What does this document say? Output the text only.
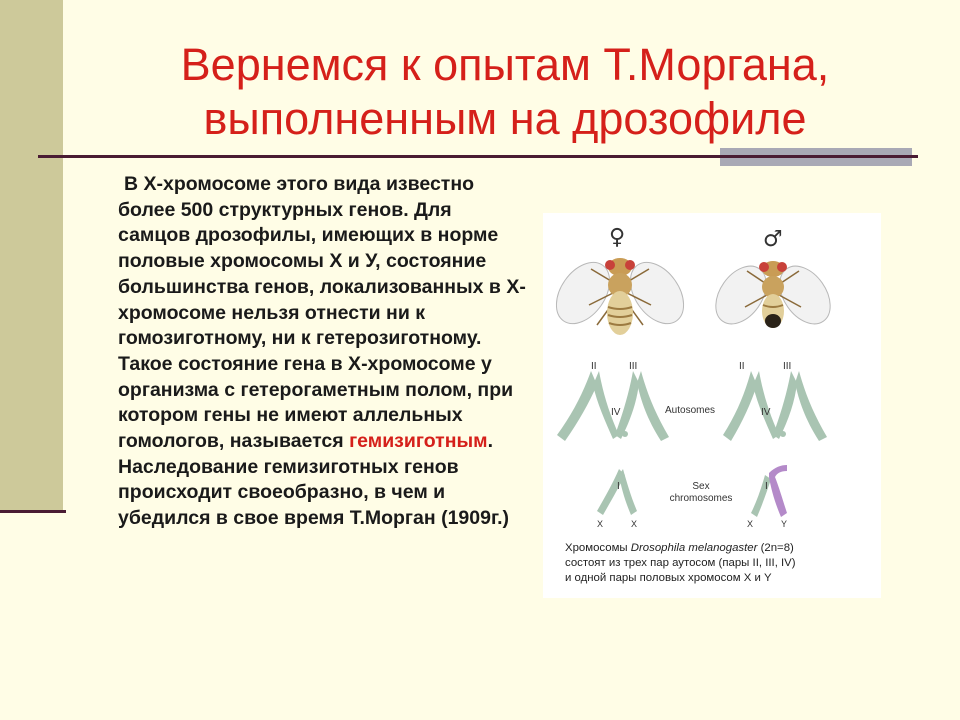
Вернемся к опытам Т.Моргана,
выполненным на дрозофиле
В Х-хромосоме этого вида известно более 500 структурных генов. Для самцов дрозофилы, имеющих в норме половые хромосомы Х и У, состояние большинства генов, локализованных в Х-хромосоме нельзя отнести ни к гомозиготному, ни к гетерозиготному. Такое состояние гена в Х-хромосоме у организма с гетерогаметным полом, при котором гены не имеют аллельных гомологов, называется гемизиготным. Наследование гемизиготных генов происходит своеобразно, в чем и убедился в свое время Т.Морган (1909г.)
♀	♂
II	III	II	III
IV	IV
Autosomes
I	I
Sex
chromosomes
X	X	X	Y
Хромосомы Drosophila melanogaster (2n=8)
состоят из трех пар аутосом (пары II, III, IV)
и одной пары половых хромосом Х и Y
